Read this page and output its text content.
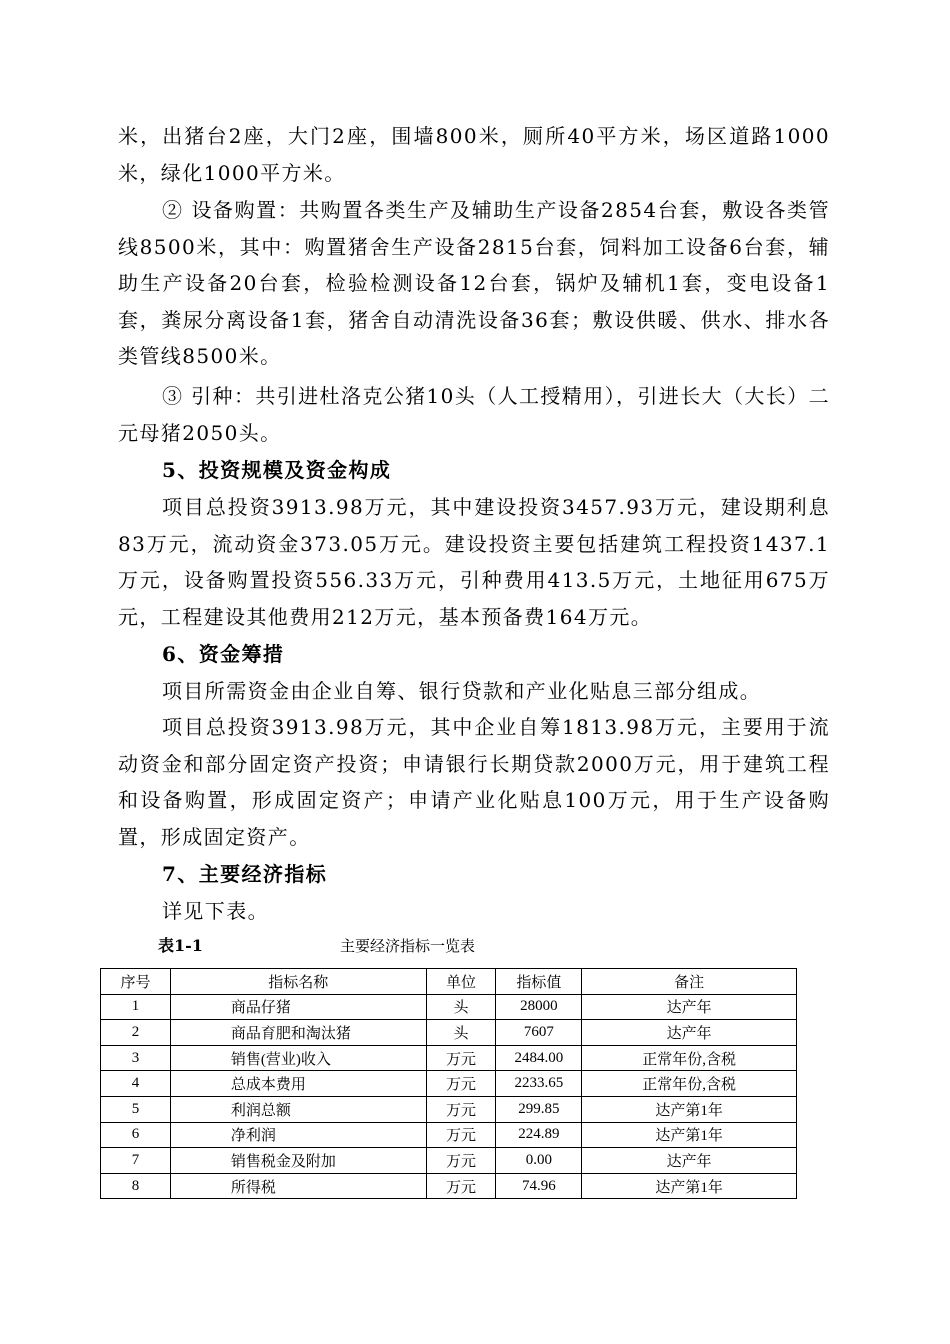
米，出猪台2座，大门2座，围墙800米，厕所40平方米，场区道路1000米，绿化1000平方米。

② 设备购置：共购置各类生产及辅助生产设备2854台套，敷设各类管线8500米，其中：购置猪舍生产设备2815台套，饲料加工设备6台套，辅助生产设备20台套，检验检测设备12台套，锅炉及辅机1套，变电设备1套，粪尿分离设备1套，猪舍自动清洗设备36套；敷设供暖、供水、排水各类管线8500米。

③ 引种：共引进杜洛克公猪10头（人工授精用），引进长大（大长）二元母猪2050头。

5、投资规模及资金构成

项目总投资3913.98万元，其中建设投资3457.93万元，建设期利息83万元，流动资金373.05万元。建设投资主要包括建筑工程投资1437.1万元，设备购置投资556.33万元，引种费用413.5万元，土地征用675万元，工程建设其他费用212万元，基本预备费164万元。

6、资金筹措

项目所需资金由企业自筹、银行贷款和产业化贴息三部分组成。

项目总投资3913.98万元，其中企业自筹1813.98万元，主要用于流动资金和部分固定资产投资；申请银行长期贷款2000万元，用于建筑工程和设备购置，形成固定资产；申请产业化贴息100万元，用于生产设备购置，形成固定资产。

7、主要经济指标

详见下表。

表1-1	主要经济指标一览表
序号	指标名称	单位	指标值	备注
1	商品仔猪	头	28000	达产年
2	商品育肥和淘汰猪	头	7607	达产年
3	销售(营业)收入	万元	2484.00	正常年份,含税
4	总成本费用	万元	2233.65	正常年份,含税
5	利润总额	万元	299.85	达产第1年
6	净利润	万元	224.89	达产第1年
7	销售税金及附加	万元	0.00	达产年
8	所得税	万元	74.96	达产第1年
